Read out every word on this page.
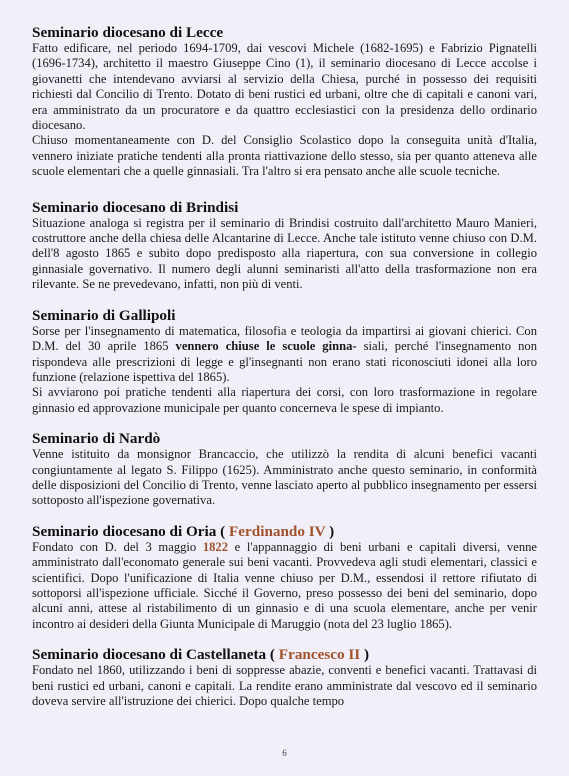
Seminario diocesano di Lecce

Fatto edificare, nel periodo 1694-1709, dai vescovi Michele (1682-1695) e Fabrizio Pignatelli (1696-1734), architetto il maestro Giuseppe Cino (1), il seminario diocesano di Lecce accolse i giovanetti che intendevano avviarsi al servizio della Chiesa, purché in possesso dei requisiti richiesti dal Concilio di Trento. Dotato di beni rustici ed urbani, oltre che di capitali e canoni vari, era amministrato da un procuratore e da quattro ecclesiastici con la presidenza dello ordinario diocesano.

Chiuso momentaneamente con D. del Consiglio Scolastico dopo la conseguita unità d'Italia, vennero iniziate pratiche tendenti alla pronta riattivazione dello stesso, sia per quanto atteneva alle scuole elementari che a quelle ginnasiali. Tra l'altro si era pensato anche alle scuole tecniche.

Seminario diocesano di Brindisi

Situazione analoga si registra per il seminario di Brindisi costruito dall'architetto Mauro Manieri, costruttore anche della chiesa delle Alcantarine di Lecce. Anche tale istituto venne chiuso con D.M. dell'8 agosto 1865 e subito dopo predisposto alla riapertura, con sua conversione in collegio ginnasiale governativo. Il numero degli alunni seminaristi all'atto della trasformazione non era rilevante. Se ne prevedevano, infatti, non più di venti.

Seminario di Gallipoli

Sorse per l'insegnamento di matematica, filosofia e teologia da impartirsi ai giovani chierici. Con D.M. del 30 aprile 1865 vennero chiuse le scuole ginna- siali, perché l'insegnamento non rispondeva alle prescrizioni di legge e gl'insegnanti non erano stati riconosciuti idonei alla loro funzione (relazione ispettiva del 1865).

Si avviarono poi pratiche tendenti alla riapertura dei corsi, con loro trasformazione in regolare ginnasio ed approvazione municipale per quanto concerneva le spese di impianto.

Seminario di Nardò

Venne istituito da monsignor Brancaccio, che utilizzò la rendita di alcuni benefici vacanti congiuntamente al legato S. Filippo (1625). Amministrato anche questo seminario, in conformità delle disposizioni del Concilio di Trento, venne lasciato aperto al pubblico insegnamento per essersi sottoposto all'ispezione governativa.

Seminario diocesano di Oria ( Ferdinando IV )

Fondato con D. del 3 maggio 1822 e l'appannaggio di beni urbani e capitali diversi, venne amministrato dall'economato generale sui beni vacanti. Provvedeva agli studi elementari, classici e scientifici. Dopo l'unificazione di Italia venne chiuso per D.M., essendosi il rettore rifiutato di sottoporsi all'ispezione ufficiale. Sicché il Governo, preso possesso dei beni del seminario, dopo alcuni anni, attese al ristabilimento di un ginnasio e di una scuola elementare, anche per venir incontro ai desideri della Giunta Municipale di Maruggio (nota del 23 luglio 1865).

Seminario diocesano di Castellaneta ( Francesco II )

Fondato nel 1860, utilizzando i beni di soppresse abazie, conventi e benefici vacanti. Trattavasi di beni rustici ed urbani, canoni e capitali. La rendite erano amministrate dal vescovo ed il seminario doveva servire all'istruzione dei chierici. Dopo qualche tempo

6
